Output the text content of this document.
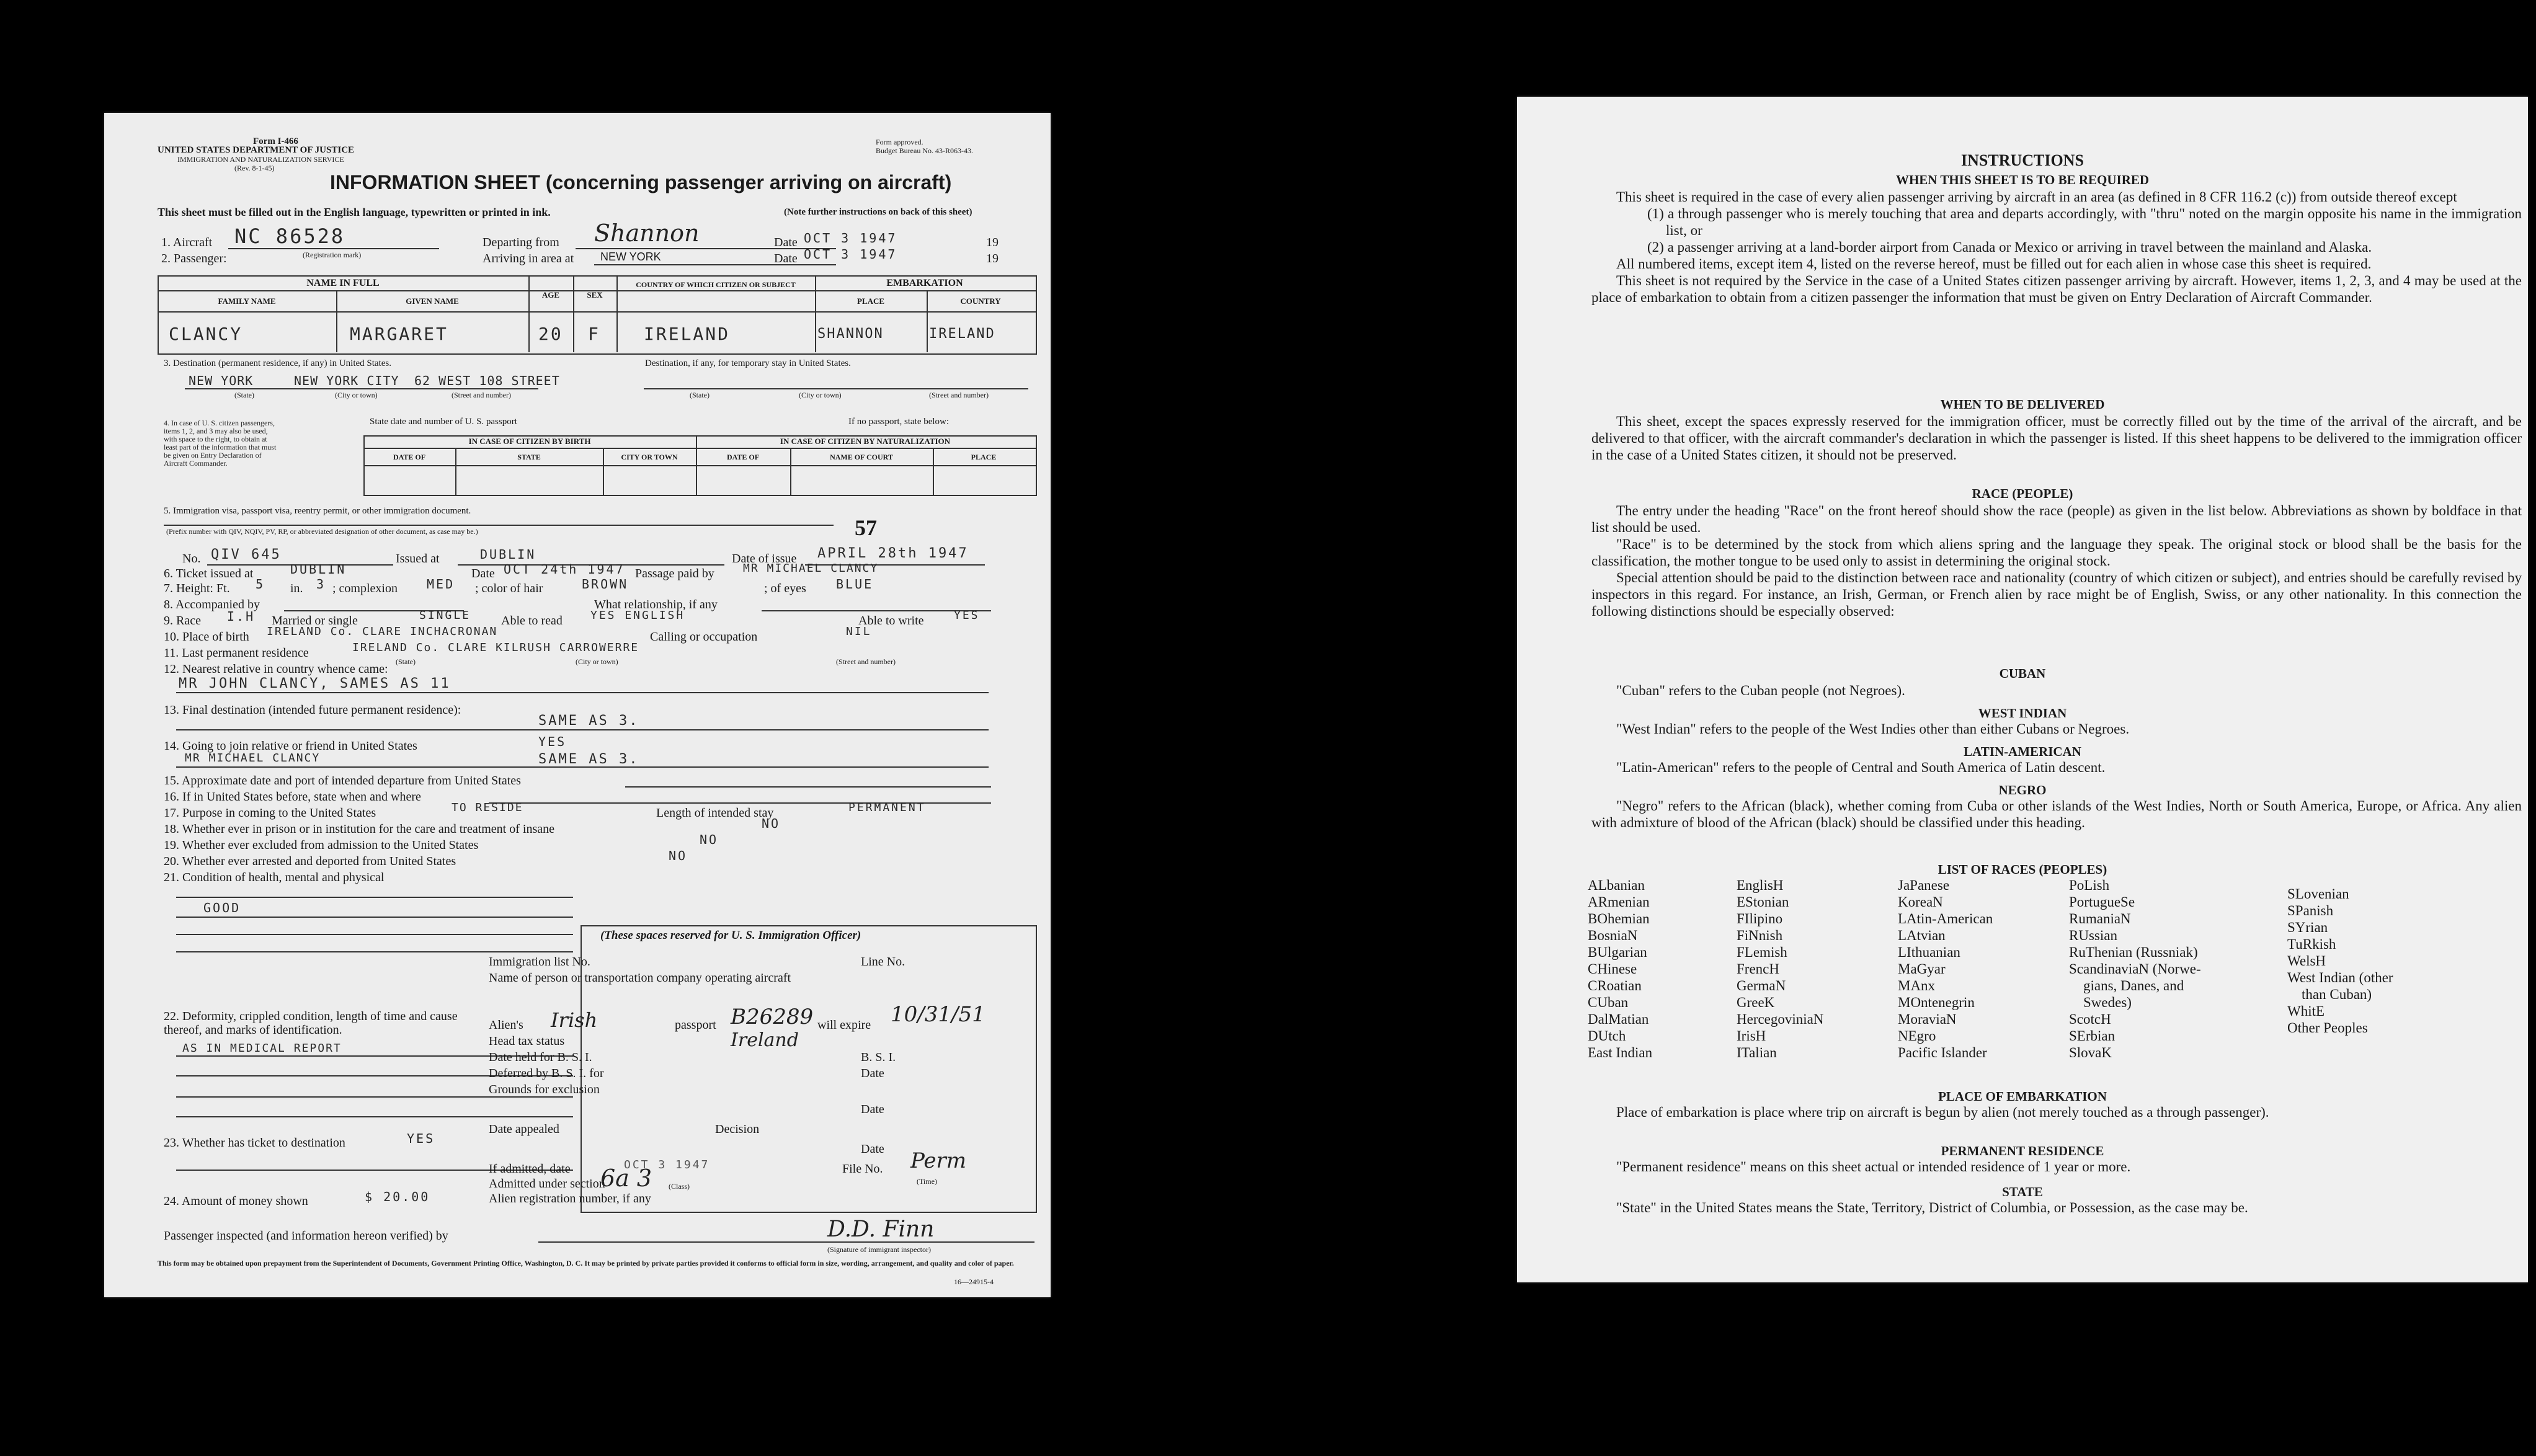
Form I-466
UNITED STATES DEPARTMENT OF JUSTICE
IMMIGRATION AND NATURALIZATION SERVICE
(Rev. 8-1-45)
Form approved.
Budget Bureau No. 43-R063-43.
INFORMATION SHEET (concerning passenger arriving on aircraft)
This sheet must be filled out in the English language, typewritten or printed in ink.	(Note further instructions on back of this sheet)
1. Aircraft NC 86528
(Registration mark)
2. Passenger:
Departing from Shannon	Date OCT 3 1947	19
Arriving in area at NEW YORK	Date OCT 3 1947	19
NAME IN FULL
FAMILY NAME	GIVEN NAME
AGE	SEX
COUNTRY OF WHICH CITIZEN OR SUBJECT	EMBARKATION
PLACE	COUNTRY
CLANCY	MARGARET	20 F	IRELAND	SHANNON	IRELAND
3. Destination (permanent residence, if any) in United States.	Destination, if any, for temporary stay in United States.
NEW YORK	NEW YORK CITY 62 WEST 108 STREET
(State)	(City or town)	(Street and number)	(State)	(City or town)	(Street and number)
4. In case of U. S. citizen passengers, items 1, 2, and 3 may also be used, with space to the right, to obtain at least part of the information that must be given on Entry Declaration of Aircraft Commander.
State date and number of U. S. passport	If no passport, state below:
IN CASE OF CITIZEN BY BIRTH	IN CASE OF CITIZEN BY NATURALIZATION
DATE OF	STATE	CITY OR TOWN	DATE OF	NAME OF COURT	PLACE
5. Immigration visa, passport visa, reentry permit, or other immigration document.
(Prefix number with QIV, NQIV, PV, RP, or abbreviated designation of other document, as case may be.)	57
No. QIV 645	Issued at	DUBLIN	Date of issue APRIL 28th 1947
6. Ticket issued at	DUBLIN	Date OCT 24th 1947 Passage paid by	MR MICHAEL CLANCY
7. Height: Ft. 5 in. 3 ; complexion MED ; color of hair	BROWN	; of eyes BLUE
8. Accompanied by	What relationship, if any
9. Race I.H Married or single	SINGLE Able to read	YES ENGLISH	Able to write	YES
10. Place of birth IRELAND Co. CLARE INCHACRONAN	Calling or occupation	NIL
11. Last permanent residence	IRELAND Co. CLARE KILRUSH CARROWERRE
(State)	(City or town)	(Street and number)
12. Nearest relative in country whence came:
MR JOHN CLANCY, SAMES AS 11
13. Final destination (intended future permanent residence):
SAME AS 3.
14. Going to join relative or friend in United States	YES
MR MICHAEL CLANCY	SAME AS 3.
15. Approximate date and port of intended departure from United States
16. If in United States before, state when and where
17. Purpose in coming to the United States	TO RESIDE	Length of intended stay	PERMANENT
18. Whether ever in prison or in institution for the care and treatment of insane	NO
19. Whether ever excluded from admission to the United States	NO
20. Whether ever arrested and deported from United States	NO
21. Condition of health, mental and physical
GOOD
22. Deformity, crippled condition, length of time and cause thereof, and marks of identification.
AS IN MEDICAL REPORT
23. Whether has ticket to destination	YES
24. Amount of money shown	$ 20.00
(These spaces reserved for U. S. Immigration Officer)
Immigration list No.	Line No.
Name of person or transportation company operating aircraft
Alien's Irish	passport B26289 will expire 10/31/51
Ireland
Head tax status
Date held for B. S. I.	B. S. I.
Deferred by B. S. I. for	Date
Grounds for exclusion
Date
Date appealed	Decision
Date
If admitted, date	OCT 3 1947	File No. Perm
Admitted under section
6a 3 (Class)
(Time)
Alien registration number, if any
Passenger inspected (and information hereon verified) by	D.D. Finn
(Signature of immigrant inspector)
This form may be obtained upon prepayment from the Superintendent of Documents, Government Printing Office, Washington, D. C. It may be printed by private parties provided it conforms to official form in size, wording, arrangement, and quality and color of paper.
16—24915-4
INSTRUCTIONS
WHEN THIS SHEET IS TO BE REQUIRED

This sheet is required in the case of every alien passenger arriving by aircraft in an area (as defined in 8 CFR 116.2 (c)) from outside thereof except

(1) a through passenger who is merely touching that area and departs accordingly, with "thru" noted on the margin opposite his name in the immigration list, or

(2) a passenger arriving at a land-border airport from Canada or Mexico or arriving in travel between the mainland and Alaska.

All numbered items, except item 4, listed on the reverse hereof, must be filled out for each alien in whose case this sheet is required.

This sheet is not required by the Service in the case of a United States citizen passenger arriving by aircraft. However, items 1, 2, 3, and 4 may be used at the place of embarkation to obtain from a citizen passenger the information that must be given on Entry Declaration of Aircraft Commander.

WHEN TO BE DELIVERED

This sheet, except the spaces expressly reserved for the immigration officer, must be correctly filled out by the time of the arrival of the aircraft, and be delivered to that officer, with the aircraft commander's declaration in which the passenger is listed. If this sheet happens to be delivered to the immigration officer in the case of a United States citizen, it should not be preserved.

RACE (PEOPLE)

The entry under the heading "Race" on the front hereof should show the race (people) as given in the list below. Abbreviations as shown by boldface in that list should be used.

"Race" is to be determined by the stock from which aliens spring and the language they speak. The original stock or blood shall be the basis for the classification, the mother tongue to be used only to assist in determining the original stock.

Special attention should be paid to the distinction between race and nationality (country of which citizen or subject), and entries should be carefully revised by inspectors in this regard. For instance, an Irish, German, or French alien by race might be of English, Swiss, or any other nationality. In this connection the following distinctions should be especially observed:

CUBAN

"Cuban" refers to the Cuban people (not Negroes).

WEST INDIAN

"West Indian" refers to the people of the West Indies other than either Cubans or Negroes.

LATIN-AMERICAN

"Latin-American" refers to the people of Central and South America of Latin descent.

NEGRO

"Negro" refers to the African (black), whether coming from Cuba or other islands of the West Indies, North or South America, Europe, or Africa. Any alien with admixture of blood of the African (black) should be classified under this heading.

LIST OF RACES (PEOPLES)
ALbanian
ARmenian
BOhemian
BosniaN
BUlgarian
CHinese
CRoatian
CUban
DalMatian
DUtch
East Indian
EnglisH
EStonian
FIlipino
FiNnish
FLemish
FrencH
GermaN
GreeK
HercegoviniaN
IrisH
ITalian
JaPanese
KoreaN
LAtin-American
LAtvian
LIthuanian
MaGyar
MAnx
MOntenegrin
MoraviaN
NEgro
Pacific Islander
PoLish
PortugueSe
RumaniaN
RUssian
RuThenian (Russniak)
ScandinaviaN (Norwe-
gians, Danes, and
Swedes)
ScotcH
SErbian
SlovaK
SLovenian
SPanish
SYrian
TuRkish
WelsH
West Indian (other
than Cuban)
WhitE
Other Peoples
PLACE OF EMBARKATION

Place of embarkation is place where trip on aircraft is begun by alien (not merely touched as a through passenger).

PERMANENT RESIDENCE

"Permanent residence" means on this sheet actual or intended residence of 1 year or more.

STATE

"State" in the United States means the State, Territory, District of Columbia, or Possession, as the case may be.
